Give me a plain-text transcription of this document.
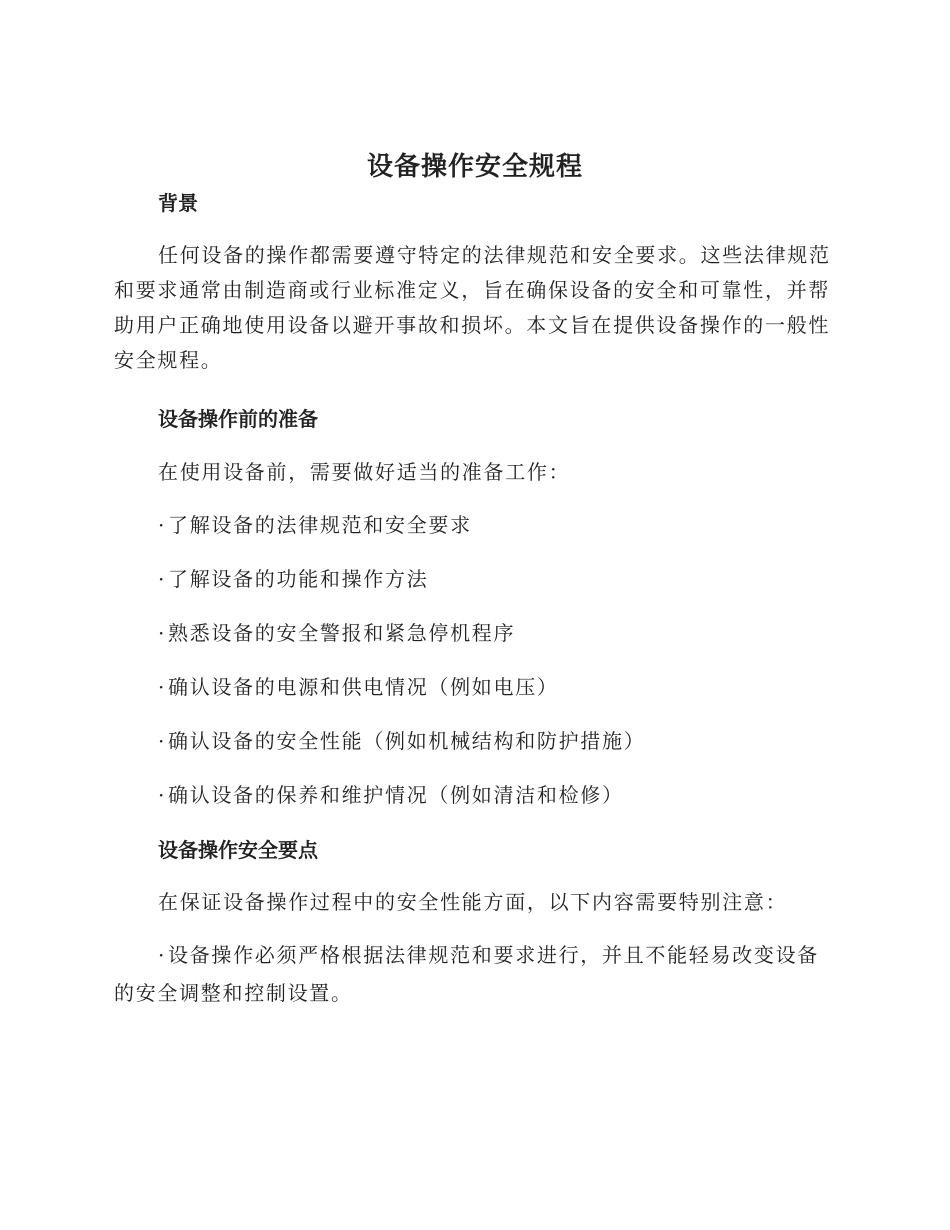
设备操作安全规程
背景
任何设备的操作都需要遵守特定的法律规范和安全要求。这些法律规范和要求通常由制造商或行业标准定义，旨在确保设备的安全和可靠性，并帮助用户正确地使用设备以避开事故和损坏。本文旨在提供设备操作的一般性安全规程。
设备操作前的准备
在使用设备前，需要做好适当的准备工作：
· 了解设备的法律规范和安全要求
· 了解设备的功能和操作方法
· 熟悉设备的安全警报和紧急停机程序
· 确认设备的电源和供电情况（例如电压）
· 确认设备的安全性能（例如机械结构和防护措施）
· 确认设备的保养和维护情况（例如清洁和检修）
设备操作安全要点
在保证设备操作过程中的安全性能方面，以下内容需要特别注意：
· 设备操作必须严格根据法律规范和要求进行，并且不能轻易改变设备的安全调整和控制设置。
